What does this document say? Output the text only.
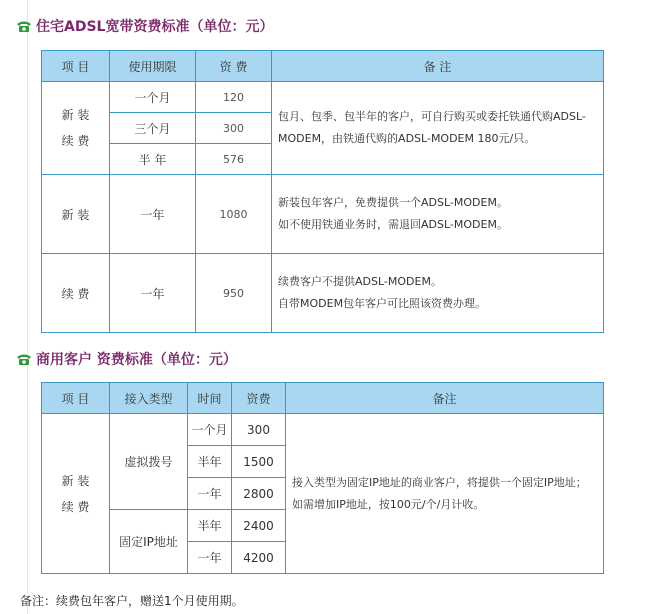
住宅ADSL宽带资费标准（单位：元）
项 目	使用期限	资 费	备 注

新 装
续 费	一个月	120	包月、包季、包半年的客户，可自行购买或委托铁通代购ADSL-MODEM，由铁通代购的ADSL-MODEM 180元/只。
	三个月	300	
	半 年	576	
新 装	一年	1080	新装包年客户，免费提供一个ADSL-MODEM。
如不使用铁通业务时，需退回ADSL-MODEM。

续 费	一年	950	续费客户不提供ADSL-MODEM。
自带MODEM包年客户可比照该资费办理。
商用客户 资费标准（单位：元）
项 目	接入类型	时间	资费	备注

新 装
续 费	虚拟拨号	一个月	300	接入类型为固定IP地址的商业客户，将提供一个固定IP地址； 如需增加IP地址，按100元/个/月计收。
		半年	1500	
		一年	2800	
	固定IP地址	半年	2400	
		一年	4200	
备注：续费包年客户，赠送1个月使用期。
